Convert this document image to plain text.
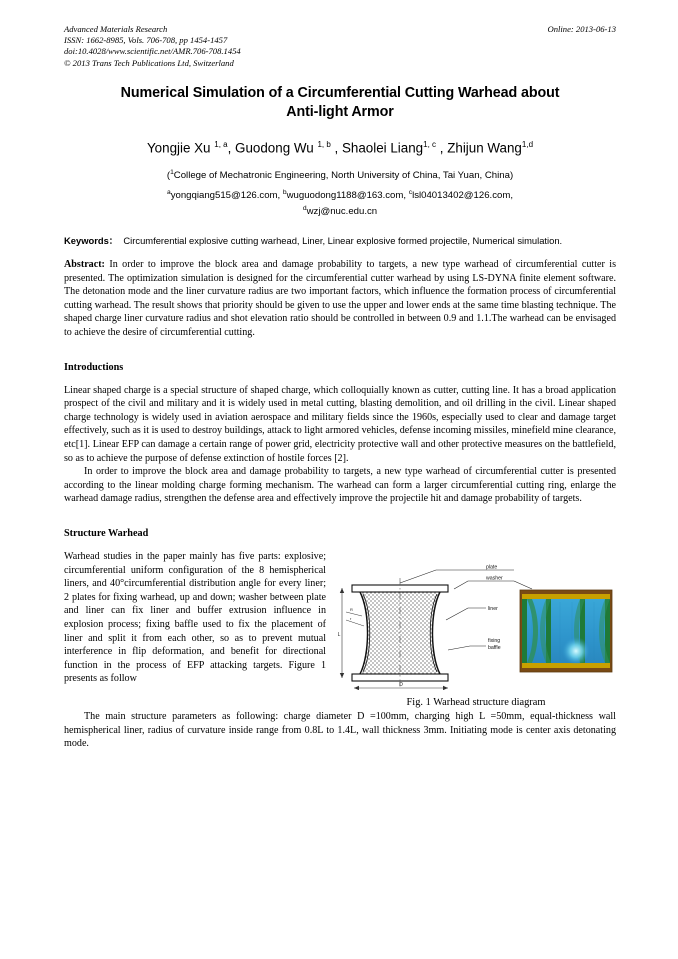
Advanced Materials Research
ISSN: 1662-8985, Vols. 706-708, pp 1454-1457
doi:10.4028/www.scientific.net/AMR.706-708.1454
© 2013 Trans Tech Publications Ltd, Switzerland
Online: 2013-06-13
Numerical Simulation of a Circumferential Cutting Warhead about
Anti-light Armor
Yongjie Xu $^{1, a}$, Guodong Wu $^{1, b}$ , Shaolei Liang$^{1, c}$ , Zhijun Wang$^{1,d}$
($^1$College of Mechatronic Engineering, North University of China, Tai Yuan, China)
$^a$yongqiang515@126.com, $^b$wuguodong1188@163.com, $^c$lsl04013402@126.com,
$^d$wzj@nuc.edu.cn
Keywords： Circumferential explosive cutting warhead, Liner, Linear explosive formed projectile, Numerical simulation.
Abstract: In order to improve the block area and damage probability to targets, a new type warhead of circumferential cutter is presented. The optimization simulation is designed for the circumferential cutter warhead by using LS-DYNA finite element software. The detonation mode and the liner curvature radius are two important factors, which influence the formation process of circumferential cutting warhead. The result shows that priority should be given to use the upper and lower ends at the same time blasting technique. The shaped charge liner curvature radius and shot elevation ratio should be controlled in between 0.9 and 1.1.The warhead can be envisaged to achieve the desire of circumferential cutting.
Introductions

Linear shaped charge is a special structure of shaped charge, which colloquially known as cutter, cutting line. It has a broad application prospect of the civil and military and it is widely used in metal cutting, blasting demolition, and oil drilling in the civil. Linear shaped charge technology is widely used in aviation aerospace and military fields since the 1960s, especially used to clear and damage target effectively, such as it is used to destroy buildings, attack to light armored vehicles, defense incoming missiles, minefield mine clearance, etc[1]. Linear EFP can damage a certain range of power grid, electricity protective wall and other protective measures on the battlefield, so as to achieve the purpose of defense extinction of hostile forces [2].

In order to improve the block area and damage probability to targets, a new type warhead of circumferential cutter is presented according to the linear molding charge forming mechanism. The warhead can form a larger circumferential cutting ring, enlarge the warhead damage radius, strengthen the defense area and effectively improve the projectile hit and damage probability of targets.

Structure Warhead
L
R
r
D
plate
washer
liner
fixing
baffle
Fig. 1 Warhead structure diagram

Warhead studies in the paper mainly has five parts: explosive; circumferential uniform configuration of the 8 hemispherical liners, and 40°circumferential distribution angle for every liner; 2 plates for fixing warhead, up and down; washer between plate and liner can fix liner and buffer extrusion influence in explosion process; fixing baffle used to fix the placement of liner and split it from each other, so as to prevent mutual interference in flip deformation, and benefit for directional function in the process of EFP attacking targets. Figure 1 presents as follow

The main structure parameters as following: charge diameter D =100mm, charging high L =50mm, equal-thickness wall hemispherical liner, radius of curvature inside range from 0.8L to 1.4L, wall thickness 3mm. Initiating mode is center axis detonating mode.
